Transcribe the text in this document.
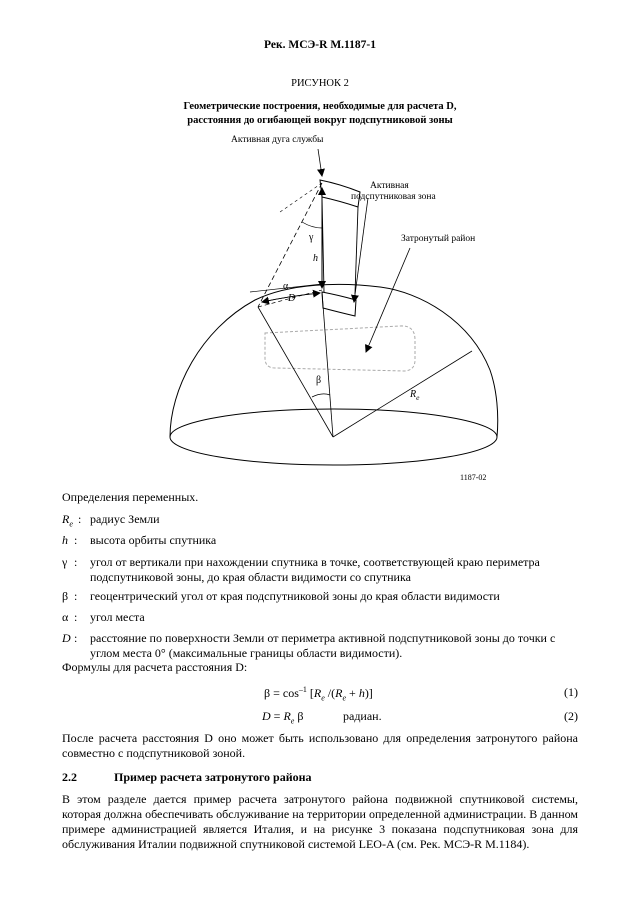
Рек. МСЭ-R M.1187-1
РИСУНОК 2
Геометрические построения, необходимые для расчета D,
расстояния до огибающей вокруг подспутниковой зоны
Активная дуга службы
Активная
подспутниковая зона
Затронутый район
γ
h
α
D
β
$R_e$
1187-02
Определения переменных.
$R_e$ : радиус Земли
h : высота орбиты спутника
γ : угол от вертикали при нахождении спутника в точке, соответствующей краю периметра подспутниковой зоны, до края области видимости со спутника
β : геоцентрический угол от края подспутниковой зоны до края области видимости
α : угол места
D : расстояние по поверхности Земли от периметра активной подспутниковой зоны до точки с углом места 0° (максимальные границы области видимости).
Формулы для расчета расстояния D:
$\beta = \cos^{-1} [R_e$ $/(R_e + h)$]	(1)
$D = R_e$ β	радиан.	(2)
После расчета расстояния D оно может быть использовано для определения затронутого района совместно с подспутниковой зоной.
2.2	Пример расчета затронутого района
В этом разделе дается пример расчета затронутого района подвижной спутниковой системы, которая должна обеспечивать обслуживание на территории определенной администрации. В данном примере администрацией является Италия, и на рисунке 3 показана подспутниковая зона для обслуживания Италии подвижной спутниковой системой LEO-A (см. Рек. МСЭ-R M.1184).
